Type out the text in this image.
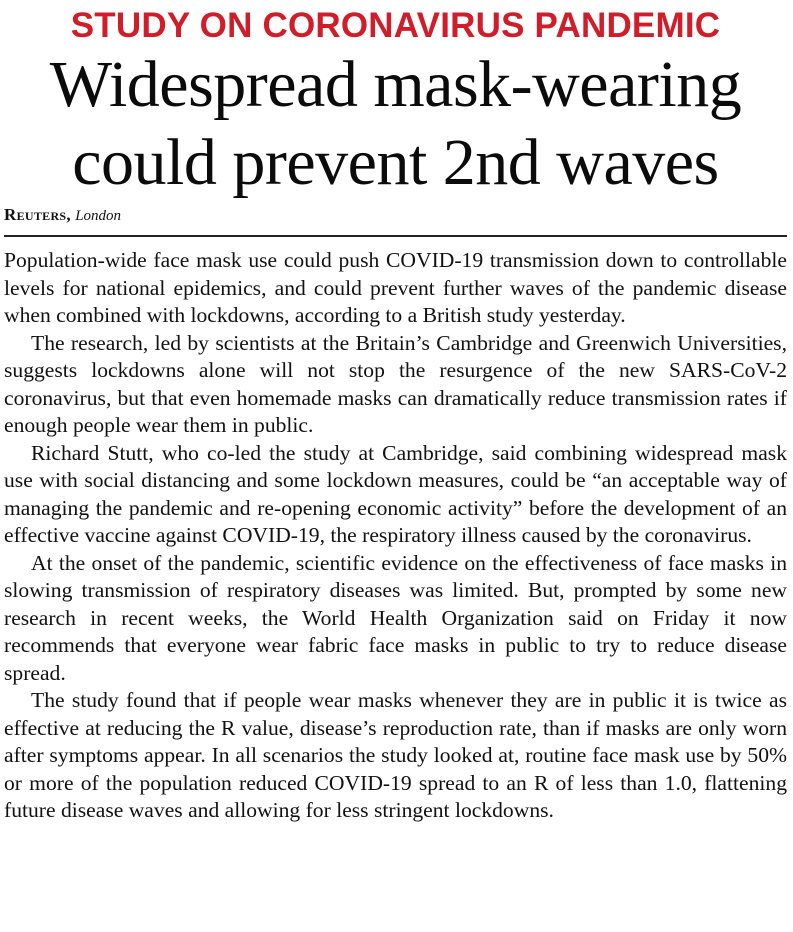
STUDY ON CORONAVIRUS PANDEMIC
Widespread mask-wearing
could prevent 2nd waves
Reuters, London

Population-wide face mask use could push COVID-19 transmission down to controllable levels for national epidemics, and could prevent further waves of the pandemic disease when combined with lockdowns, according to a British study yesterday.

The research, led by scientists at the Britain’s Cambridge and Greenwich Universities, suggests lockdowns alone will not stop the resurgence of the new SARS-CoV-2 coronavirus, but that even homemade masks can dramatically reduce transmission rates if enough people wear them in public.

Richard Stutt, who co-led the study at Cambridge, said combining widespread mask use with social distancing and some lockdown measures, could be “an acceptable way of managing the pandemic and re-opening economic activity” before the development of an effective vaccine against COVID-19, the respiratory illness caused by the coronavirus.

At the onset of the pandemic, scientific evidence on the effectiveness of face masks in slowing transmission of respiratory diseases was limited. But, prompted by some new research in recent weeks, the World Health Organization said on Friday it now recommends that everyone wear fabric face masks in public to try to reduce disease spread.

The study found that if people wear masks whenever they are in public it is twice as effective at reducing the R value, disease’s reproduction rate, than if masks are only worn after symptoms appear. In all scenarios the study looked at, routine face mask use by 50% or more of the population reduced COVID-19 spread to an R of less than 1.0, flattening future disease waves and allowing for less stringent lockdowns.
